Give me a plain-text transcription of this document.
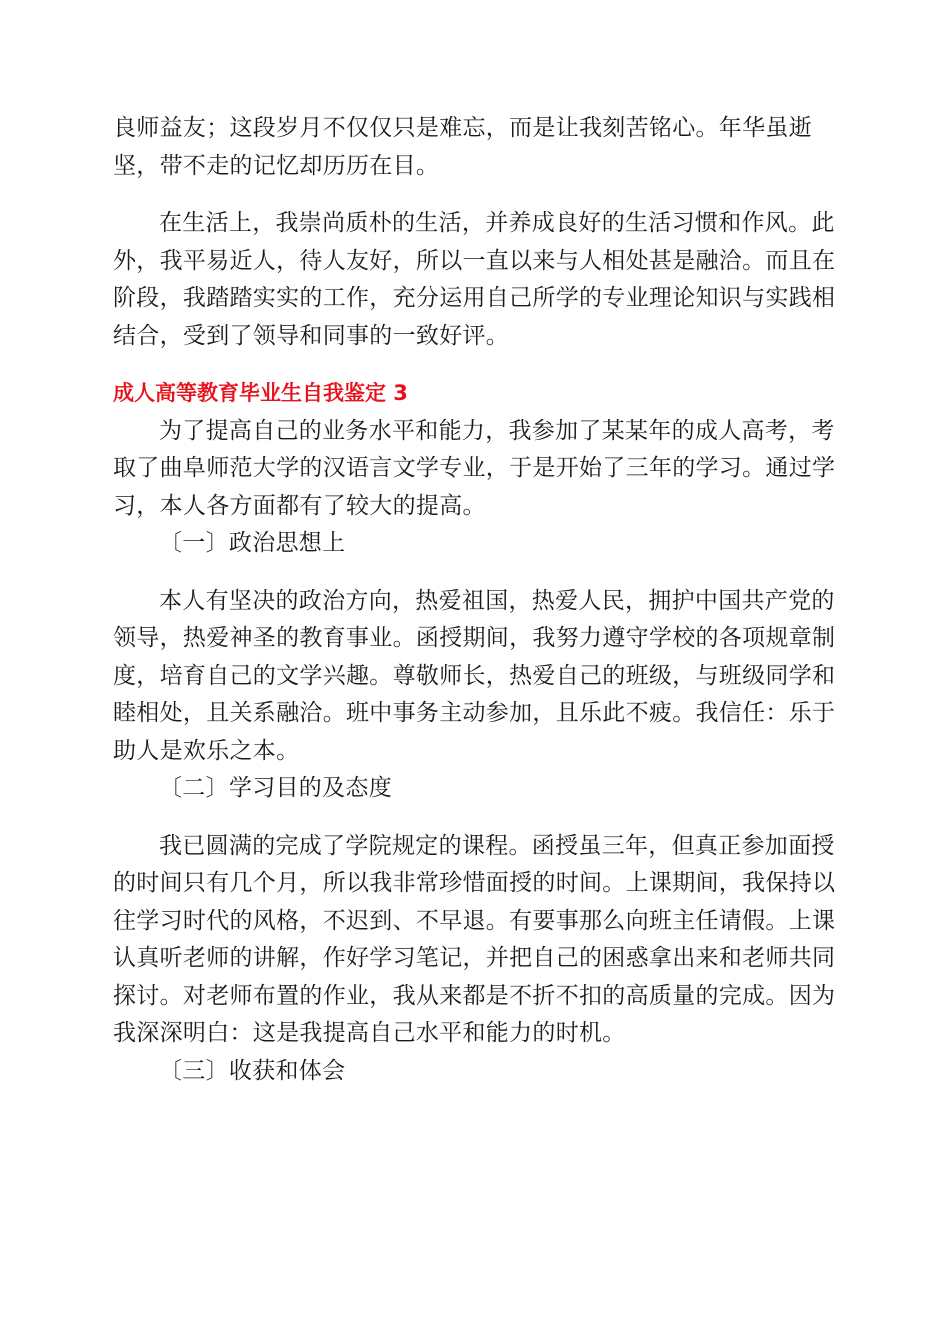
良师益友；这段岁月不仅仅只是难忘，而是让我刻苦铭心。年华虽逝坚，带不走的记忆却历历在目。

在生活上，我崇尚质朴的生活，并养成良好的生活习惯和作风。此外，我平易近人，待人友好，所以一直以来与人相处甚是融洽。而且在阶段，我踏踏实实的工作，充分运用自己所学的专业理论知识与实践相结合，受到了领导和同事的一致好评。

成人高等教育毕业生自我鉴定 3

为了提高自己的业务水平和能力，我参加了某某年的成人高考，考取了曲阜师范大学的汉语言文学专业，于是开始了三年的学习。通过学习，本人各方面都有了较大的提高。

〔一〕政治思想上

本人有坚决的政治方向，热爱祖国，热爱人民，拥护中国共产党的领导，热爱神圣的教育事业。函授期间，我努力遵守学校的各项规章制度，培育自己的文学兴趣。尊敬师长，热爱自己的班级，与班级同学和睦相处，且关系融洽。班中事务主动参加，且乐此不疲。我信任：乐于助人是欢乐之本。

〔二〕学习目的及态度

我已圆满的完成了学院规定的课程。函授虽三年，但真正参加面授的时间只有几个月，所以我非常珍惜面授的时间。上课期间，我保持以往学习时代的风格，不迟到、不早退。有要事那么向班主任请假。上课认真听老师的讲解，作好学习笔记，并把自己的困惑拿出来和老师共同探讨。对老师布置的作业，我从来都是不折不扣的高质量的完成。因为我深深明白：这是我提高自己水平和能力的时机。

〔三〕收获和体会
